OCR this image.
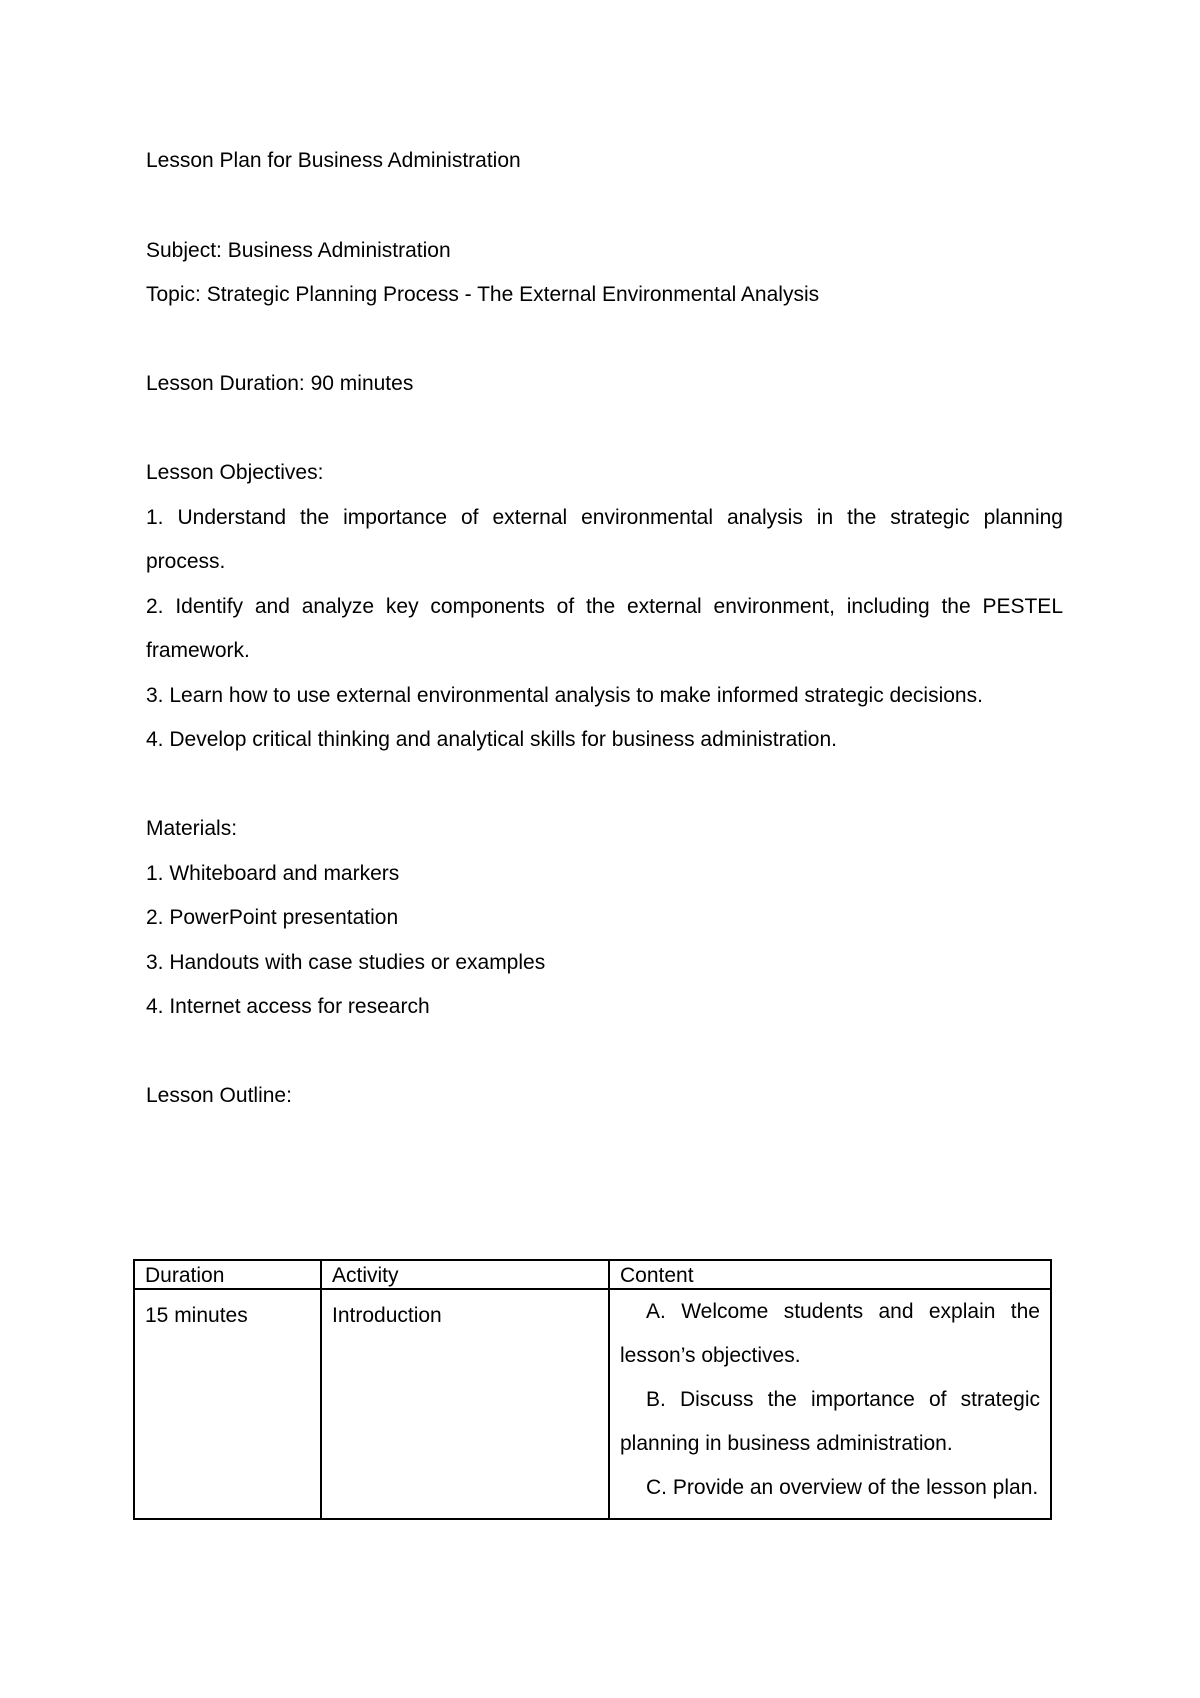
Lesson Plan for Business Administration
Subject: Business Administration
Topic: Strategic Planning Process - The External Environmental Analysis
Lesson Duration: 90 minutes
Lesson Objectives:
1. Understand the importance of external environmental analysis in the strategic planning
process.
2. Identify and analyze key components of the external environment, including the PESTEL
framework.
3. Learn how to use external environmental analysis to make informed strategic decisions.
4. Develop critical thinking and analytical skills for business administration.
Materials:
1. Whiteboard and markers
2. PowerPoint presentation
3. Handouts with case studies or examples
4. Internet access for research
Lesson Outline:
Duration	Activity	Content
15 minutes	Introduction	A. Welcome students and explain the lesson’s objectives.
B. Discuss the importance of strategic planning in business administration.
C. Provide an overview of the lesson plan.
